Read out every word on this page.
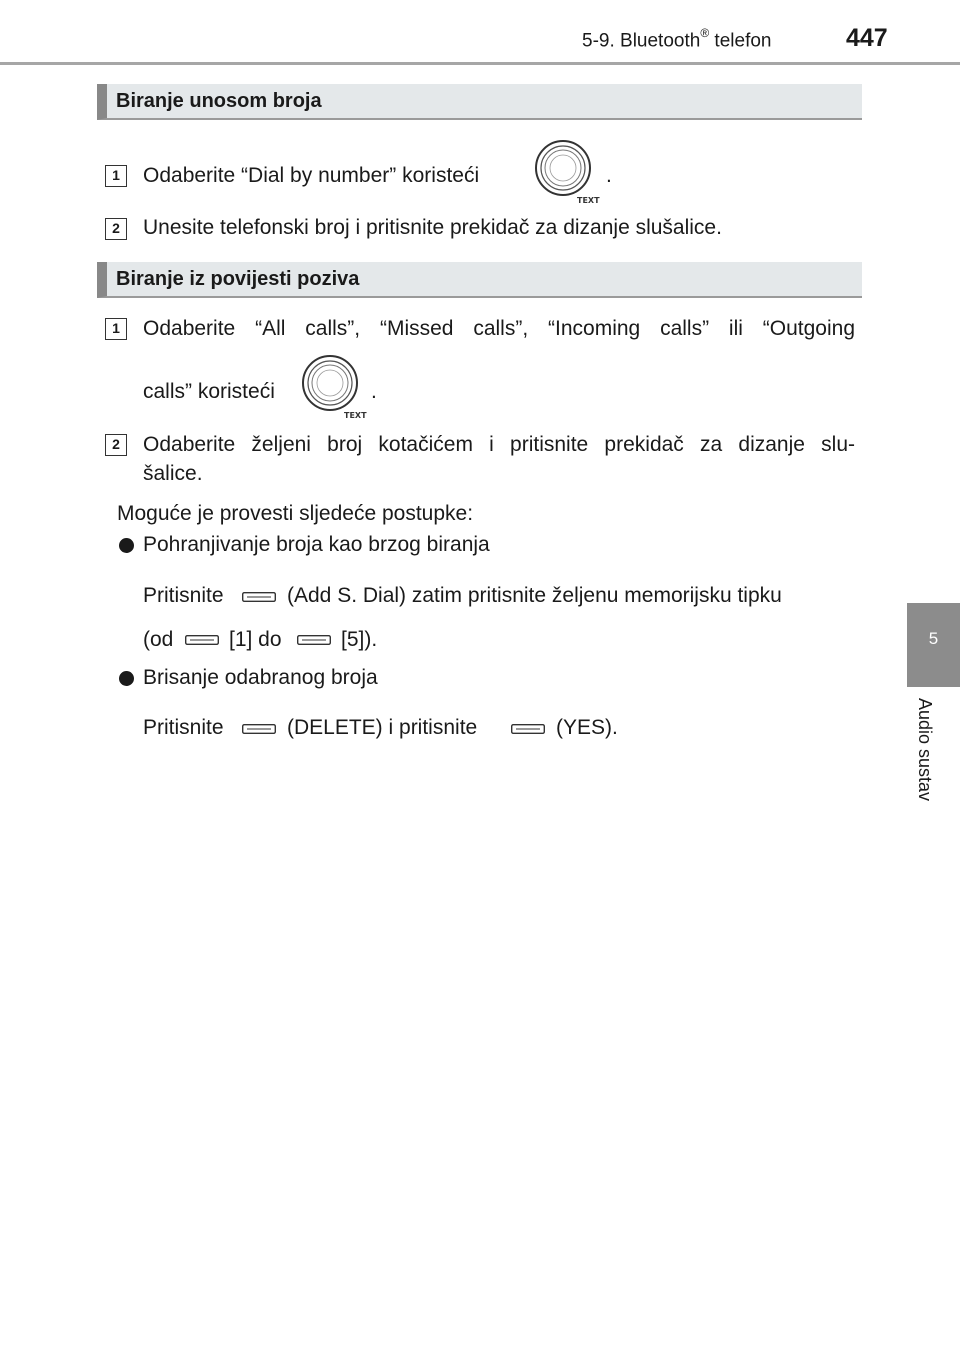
5-9. Bluetooth® telefon	447
5
Audio sustav
Biranje unosom broja
1	Odaberite “Dial by number” koristeći
TEXT
.
2	Unesite telefonski broj i pritisnite prekidač za dizanje slušalice.
Biranje iz povijesti poziva
1	Odaberite “All calls”, “Missed calls”, “Incoming calls” ili “Outgoing
calls” koristeći
TEXT
.
2	Odaberite željeni broj kotačićem i pritisnite prekidač za dizanje slu-
šalice.
Moguće je provesti sljedeće postupke:
Pohranjivanje broja kao brzog biranja
Pritisnite	(Add S. Dial) zatim pritisnite željenu memorijsku tipku
(od	[1] do	[5]).
Brisanje odabranog broja
Pritisnite	(DELETE) i pritisnite	(YES).
